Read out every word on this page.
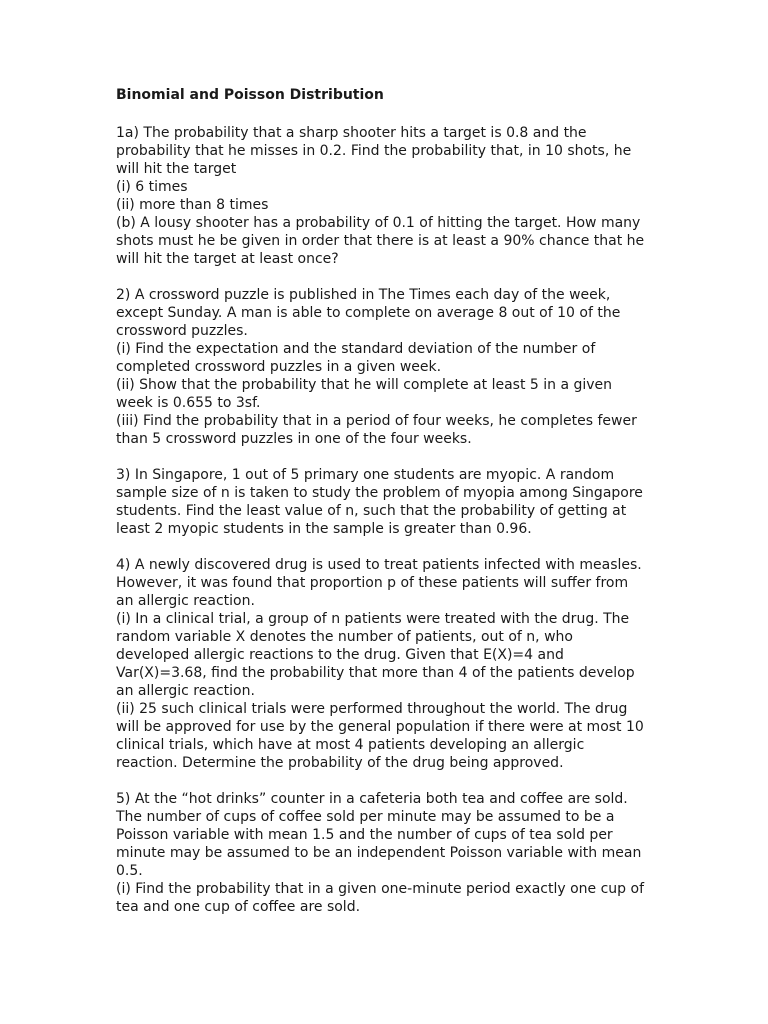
Binomial and Poisson Distribution
1a) The probability that a sharp shooter hits a target is 0.8 and the
probability that he misses in 0.2. Find the probability that, in 10 shots, he
will hit the target
(i) 6 times
(ii) more than 8 times
(b) A lousy shooter has a probability of 0.1 of hitting the target. How many
shots must he be given in order that there is at least a 90% chance that he
will hit the target at least once?
2) A crossword puzzle is published in The Times each day of the week,
except Sunday. A man is able to complete on average 8 out of 10 of the
crossword puzzles.
(i) Find the expectation and the standard deviation of the number of
completed crossword puzzles in a given week.
(ii) Show that the probability that he will complete at least 5 in a given
week is 0.655 to 3sf.
(iii) Find the probability that in a period of four weeks, he completes fewer
than 5 crossword puzzles in one of the four weeks.
3) In Singapore, 1 out of 5 primary one students are myopic. A random
sample size of n is taken to study the problem of myopia among Singapore
students. Find the least value of n, such that the probability of getting at
least 2 myopic students in the sample is greater than 0.96.
4) A newly discovered drug is used to treat patients infected with measles.
However, it was found that proportion p of these patients will suffer from
an allergic reaction.
(i) In a clinical trial, a group of n patients were treated with the drug. The
random variable X denotes the number of patients, out of n, who
developed allergic reactions to the drug. Given that E(X)=4 and
Var(X)=3.68, find the probability that more than 4 of the patients develop
an allergic reaction.
(ii) 25 such clinical trials were performed throughout the world. The drug
will be approved for use by the general population if there were at most 10
clinical trials, which have at most 4 patients developing an allergic
reaction. Determine the probability of the drug being approved.
5) At the “hot drinks” counter in a cafeteria both tea and coffee are sold.
The number of cups of coffee sold per minute may be assumed to be a
Poisson variable with mean 1.5 and the number of cups of tea sold per
minute may be assumed to be an independent Poisson variable with mean
0.5.
(i) Find the probability that in a given one-minute period exactly one cup of
tea and one cup of coffee are sold.
